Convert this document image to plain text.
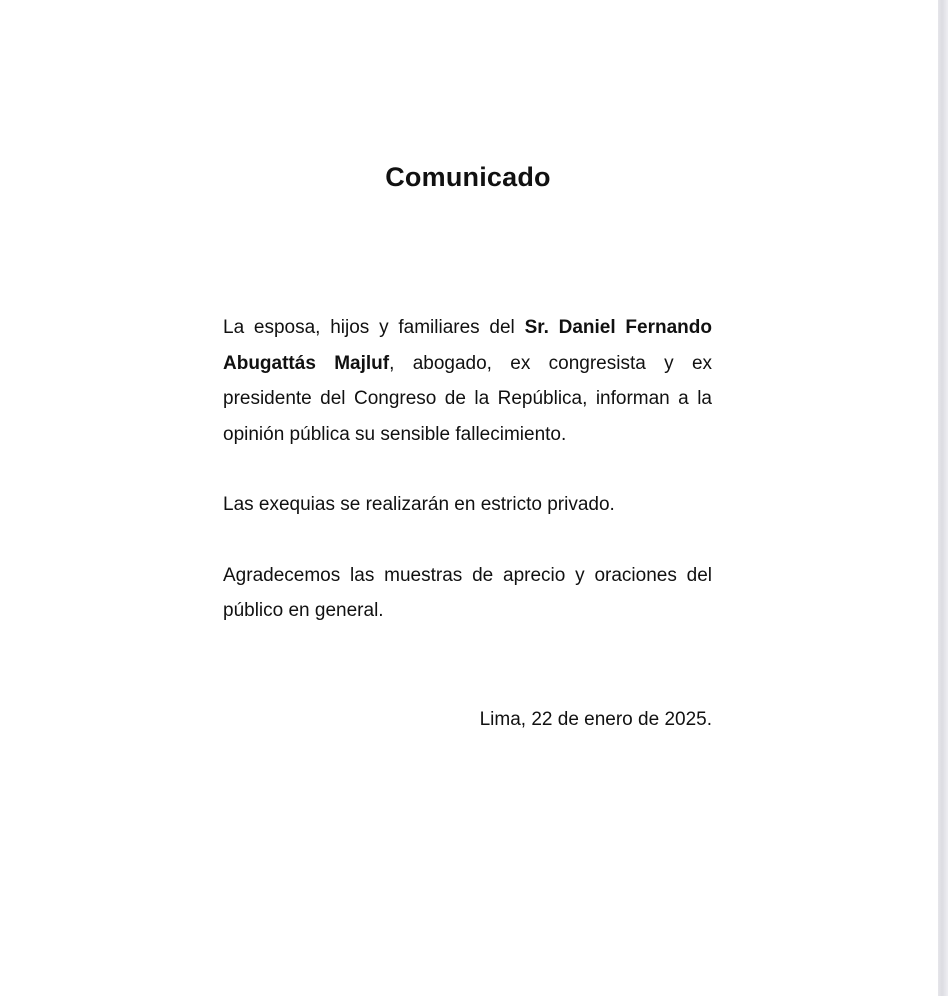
Comunicado

La esposa, hijos y familiares del Sr. Daniel Fernando Abugattás Majluf, abogado, ex congresista y ex presidente del Congreso de la República, informan a la opinión pública su sensible fallecimiento.

Las exequias se realizarán en estricto privado.

Agradecemos las muestras de aprecio y oraciones del público en general.

Lima, 22 de enero de 2025.
